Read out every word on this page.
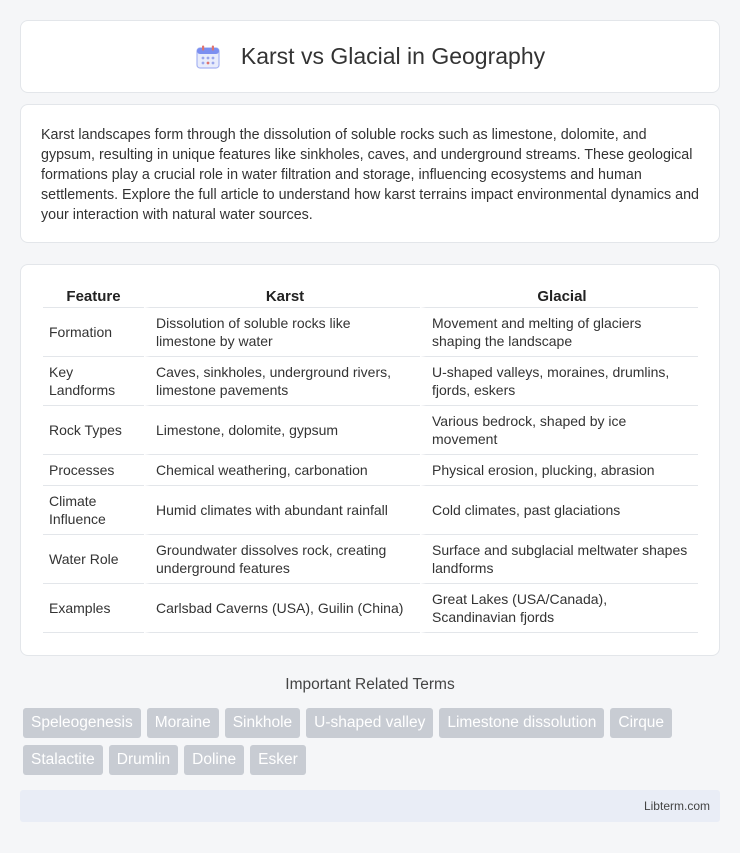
Karst vs Glacial in Geography

Karst landscapes form through the dissolution of soluble rocks such as limestone, dolomite, and gypsum, resulting in unique features like sinkholes, caves, and underground streams. These geological formations play a crucial role in water filtration and storage, influencing ecosystems and human settlements. Explore the full article to understand how karst terrains impact environmental dynamics and your interaction with natural water sources.

Feature	Karst	Glacial
Formation	Dissolution of soluble rocks like limestone by water	Movement and melting of glaciers shaping the landscape
Key Landforms	Caves, sinkholes, underground rivers, limestone pavements	U-shaped valleys, moraines, drumlins, fjords, eskers
Rock Types	Limestone, dolomite, gypsum	Various bedrock, shaped by ice movement
Processes	Chemical weathering, carbonation	Physical erosion, plucking, abrasion
Climate Influence	Humid climates with abundant rainfall	Cold climates, past glaciations
Water Role	Groundwater dissolves rock, creating underground features	Surface and subglacial meltwater shapes landforms
Examples	Carlsbad Caverns (USA), Guilin (China)	Great Lakes (USA/Canada), Scandinavian fjords
Important Related Terms
Speleogenesis	Moraine	Sinkhole	U-shaped valley	Limestone dissolution	Cirque
Stalactite	Drumlin	Doline	Esker
Libterm.com
